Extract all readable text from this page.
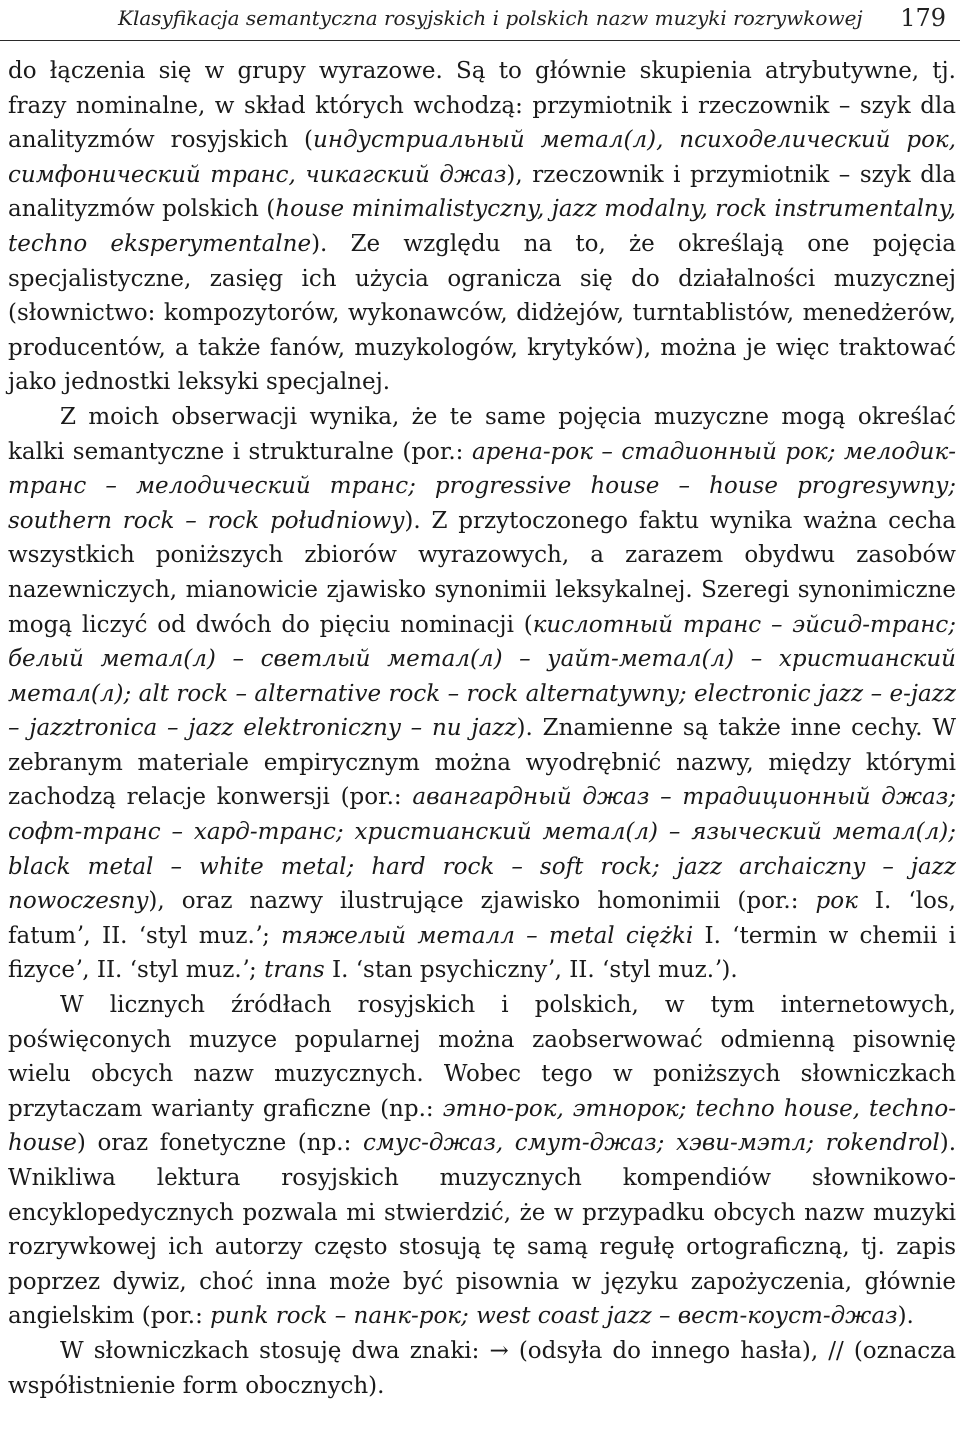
Klasyfikacja semantyczna rosyjskich i polskich nazw muzyki rozrywkowej 179

do łączenia się w grupy wyrazowe. Są to głównie skupienia atrybutywne, tj. frazy nominalne, w skład których wchodzą: przymiotnik i rzeczownik – szyk dla analityzmów rosyjskich (индустриальный метал(л), психоделический рок, симфонический транс, чикагский джаз), rzeczownik i przymiotnik – szyk dla analityzmów polskich (house minimalistyczny, jazz modalny, rock instrumentalny, techno eksperymentalne). Ze względu na to, że określają one pojęcia specjalistyczne, zasięg ich użycia ogranicza się do działalności muzycznej (słownictwo: kompozytorów, wykonawców, didżejów, turntablistów, menedżerów, producentów, a także fanów, muzykologów, krytyków), można je więc traktować jako jednostki leksyki specjalnej.

Z moich obserwacji wynika, że te same pojęcia muzyczne mogą określać kalki semantyczne i strukturalne (por.: арена-рок – стадионный рок; мелодик-транс – мелодический транс; progressive house – house progresywny; southern rock – rock południowy). Z przytoczonego faktu wynika ważna cecha wszystkich poniższych zbiorów wyrazowych, a zarazem obydwu zasobów nazewniczych, mianowicie zjawisko synonimii leksykalnej. Szeregi synonimiczne mogą liczyć od dwóch do pięciu nominacji (кислотный транс – эйсид-транс; белый метал(л) – светлый метал(л) – уайт-метал(л) – христианский метал(л); alt rock – alternative rock – rock alternatywny; electronic jazz – e-jazz – jazztronica – jazz elektroniczny – nu jazz). Znamienne są także inne cechy. W zebranym materiale empirycznym można wyodrębnić nazwy, między którymi zachodzą relacje konwersji (por.: авангардный джаз – традиционный джаз; софт-транс – хард-транс; христианский метал(л) – языческий метал(л); black metal – white metal; hard rock – soft rock; jazz archaiczny – jazz nowoczesny), oraz nazwy ilustrujące zjawisko homonimii (por.: рок I. ʻlos, fatumʼ, II. ʻstyl muz.ʼ; тяжелый металл – metal ciężki I. ʻtermin w chemii i fizyceʼ, II. ʻstyl muz.ʼ; trans I. ʻstan psychicznyʼ, II. ʻstyl muz.ʼ).

W licznych źródłach rosyjskich i polskich, w tym internetowych, poświęconych muzyce popularnej można zaobserwować odmienną pisownię wielu obcych nazw muzycznych. Wobec tego w poniższych słowniczkach przytaczam warianty graficzne (np.: этно-рок, этнорок; techno house, techno-house) oraz fonetyczne (np.: смус-джаз, смут-джаз; хэви-мэтл; rokendrol). Wnikliwa lektura rosyjskich muzycznych kompendiów słownikowo-encyklopedycznych pozwala mi stwierdzić, że w przypadku obcych nazw muzyki rozrywkowej ich autorzy często stosują tę samą regułę ortograficzną, tj. zapis poprzez dywiz, choć inna może być pisownia w języku zapożyczenia, głównie angielskim (por.: punk rock – панк-рок; west coast jazz – вест-коуст-джаз).

W słowniczkach stosuję dwa znaki: → (odsyła do innego hasła), // (oznacza współistnienie form obocznych).
